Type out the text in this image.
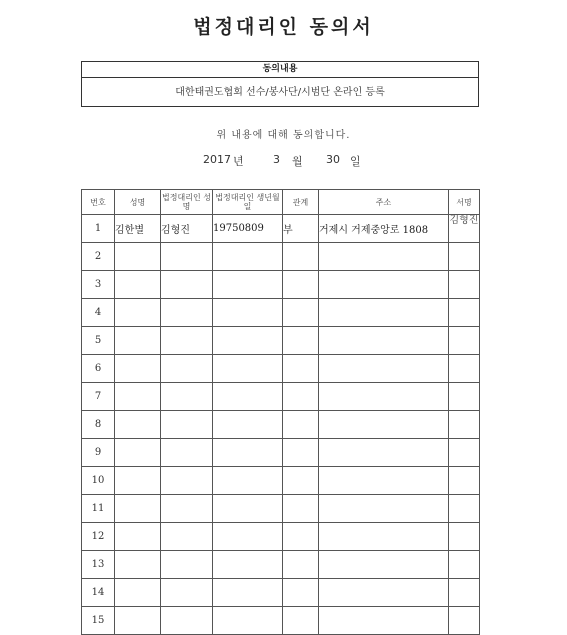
법정대리인 동의서
동의내용
대한태권도협회 선수/봉사단/시범단 온라인 등록
위 내용에 대해 동의합니다.
2017 년	3 월 30 일
번호	성명	법정대리인 성명	법정대리인 생년월일	관계	주소	서명
1	김한별	김형진	19750809	부	거제시 거제중앙로 1808	김형진
2						
3						
4						
5						
6						
7						
8						
9						
10						
11						
12						
13						
14						
15						
